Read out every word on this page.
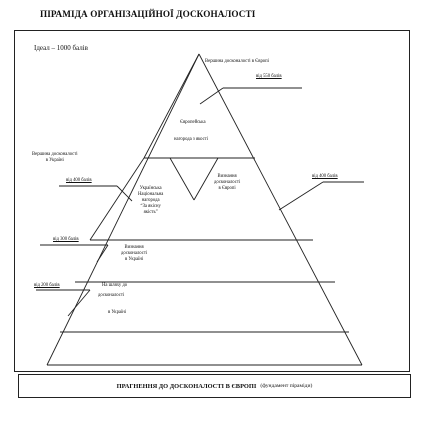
ПІРАМІДА ОРГАНІЗАЦІЙНОЇ ДОСКОНАЛОСТІ
Ідеал – 1000 балів
Вершина досконалості в Європі
від 550 балів
Європейська
нагорода з якості
Українська
Національна
нагорода
“За якісну
якість”
Визнання
досконалості
в Європі
Вершина досконалості
в Україні
від 400 балів
від 400 балів
від 300 балів
Визнання
досконалості
в Україні
від 200 балів	На шляху до
досконалості
в Україні
ПРАГНЕННЯ ДО ДОСКОНАЛОСТІ В ЄВРОПІ (фундамент піраміди)
